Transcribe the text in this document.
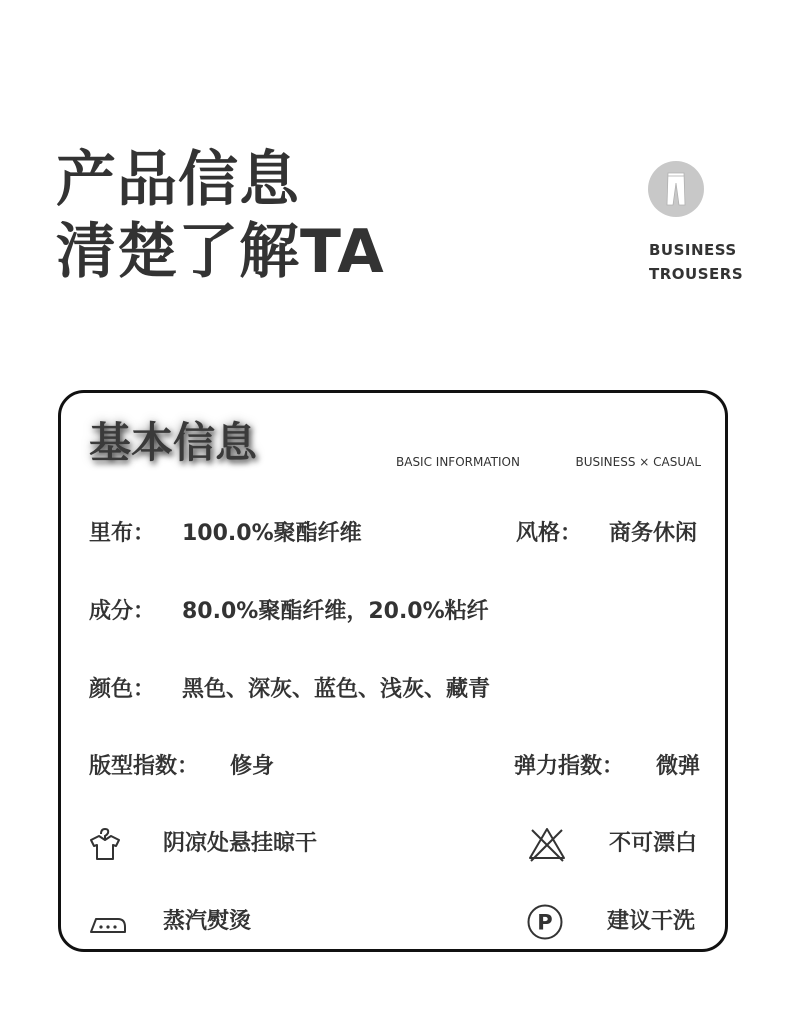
产品信息
清楚了解TA	BUSINESS
TROUSERS
基本信息	BASIC INFORMATION	BUSINESS × CASUAL
里布： 100.0%聚酯纤维	风格： 商务休闲
成分： 80.0%聚酯纤维，20.0%粘纤
颜色： 黑色、深灰、蓝色、浅灰、藏青
版型指数： 修身	弹力指数： 微弹
阴凉处悬挂晾干	不可漂白
蒸汽熨烫	P 建议干洗
